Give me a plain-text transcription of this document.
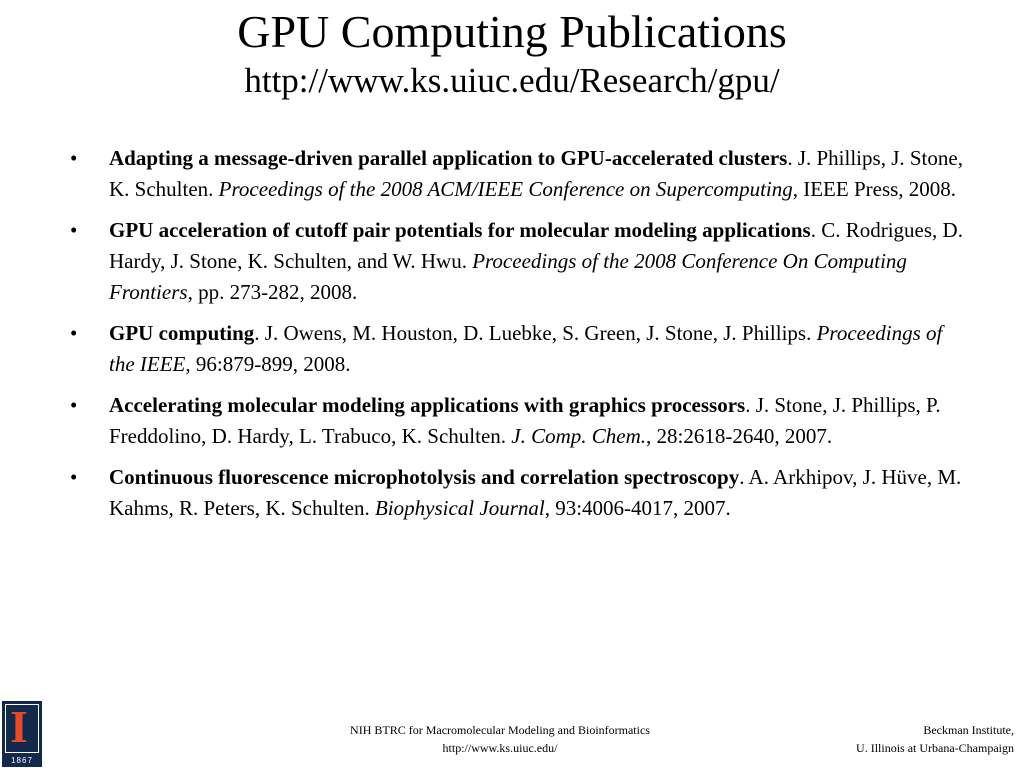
GPU Computing Publications
http://www.ks.uiuc.edu/Research/gpu/
• Adapting a message-driven parallel application to GPU-accelerated clusters. J. Phillips, J. Stone, K. Schulten. Proceedings of the 2008 ACM/IEEE Conference on Supercomputing, IEEE Press, 2008.
• GPU acceleration of cutoff pair potentials for molecular modeling applications. C. Rodrigues, D. Hardy, J. Stone, K. Schulten, and W. Hwu. Proceedings of the 2008 Conference On Computing Frontiers, pp. 273-282, 2008.
• GPU computing. J. Owens, M. Houston, D. Luebke, S. Green, J. Stone, J. Phillips. Proceedings of the IEEE, 96:879-899, 2008.
• Accelerating molecular modeling applications with graphics processors. J. Stone, J. Phillips, P. Freddolino, D. Hardy, L. Trabuco, K. Schulten. J. Comp. Chem., 28:2618-2640, 2007.
• Continuous fluorescence microphotolysis and correlation spectroscopy. A. Arkhipov, J. Hüve, M. Kahms, R. Peters, K. Schulten. Biophysical Journal, 93:4006-4017, 2007.
I
1867
NIH BTRC for Macromolecular Modeling and Bioinformatics
http://www.ks.uiuc.edu/
Beckman Institute,
U. Illinois at Urbana-Champaign
